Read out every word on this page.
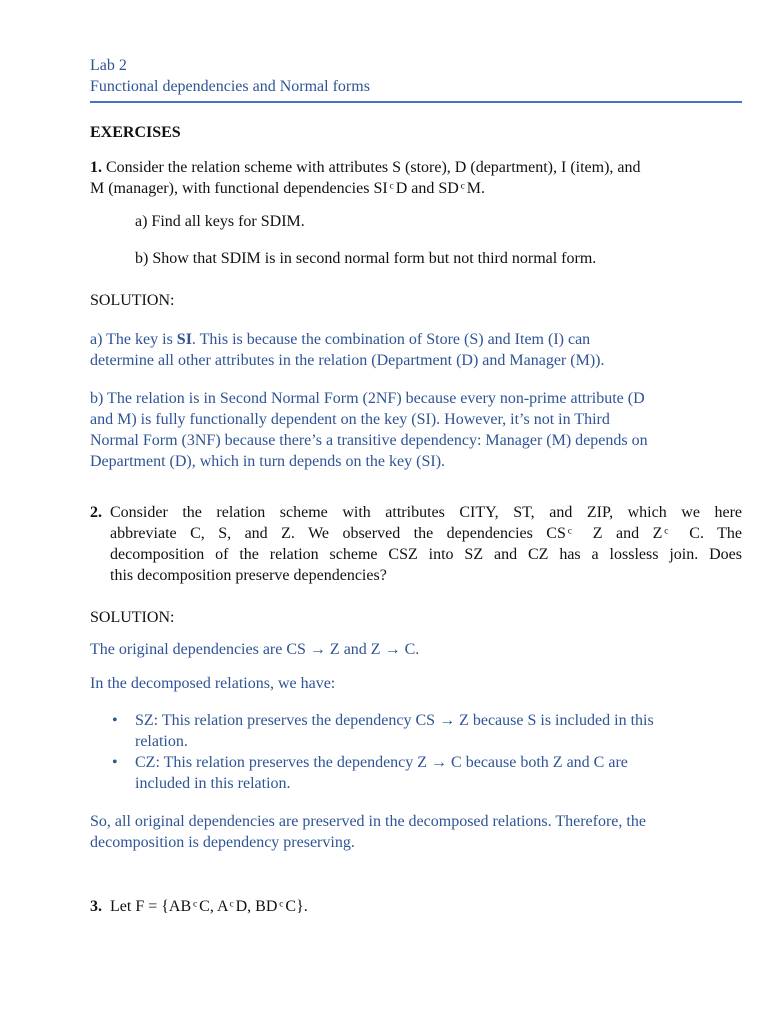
Lab 2
Functional dependencies and Normal forms
EXERCISES
1. Consider the relation scheme with attributes S (store), D (department), I (item), and
M (manager), with functional dependencies SI D and SD M.
a) Find all keys for SDIM.
b) Show that SDIM is in second normal form but not third normal form.
SOLUTION:
a) The key is SI. This is because the combination of Store (S) and Item (I) can
determine all other attributes in the relation (Department (D) and Manager (M)).
b) The relation is in Second Normal Form (2NF) because every non-prime attribute (D
and M) is fully functionally dependent on the key (SI). However, it’s not in Third
Normal Form (3NF) because there’s a transitive dependency: Manager (M) depends on
Department (D), which in turn depends on the key (SI).
2. Consider the relation scheme with attributes CITY, ST, and ZIP, which we here
abbreviate C, S, and Z. We observed the dependencies CS ͨ Z and Z ͨ C. The
decomposition of the relation scheme CSZ into SZ and CZ has a lossless join. Does
this decomposition preserve dependencies?
SOLUTION:
The original dependencies are CS → Z and Z → C.
In the decomposed relations, we have:
• SZ: This relation preserves the dependency CS → Z because S is included in this
relation.
• CZ: This relation preserves the dependency Z → C because both Z and C are
included in this relation.
So, all original dependencies are preserved in the decomposed relations. Therefore, the
decomposition is dependency preserving.
3. Let F = {AB ͨ C, A ͨ D, BD ͨ C}.
